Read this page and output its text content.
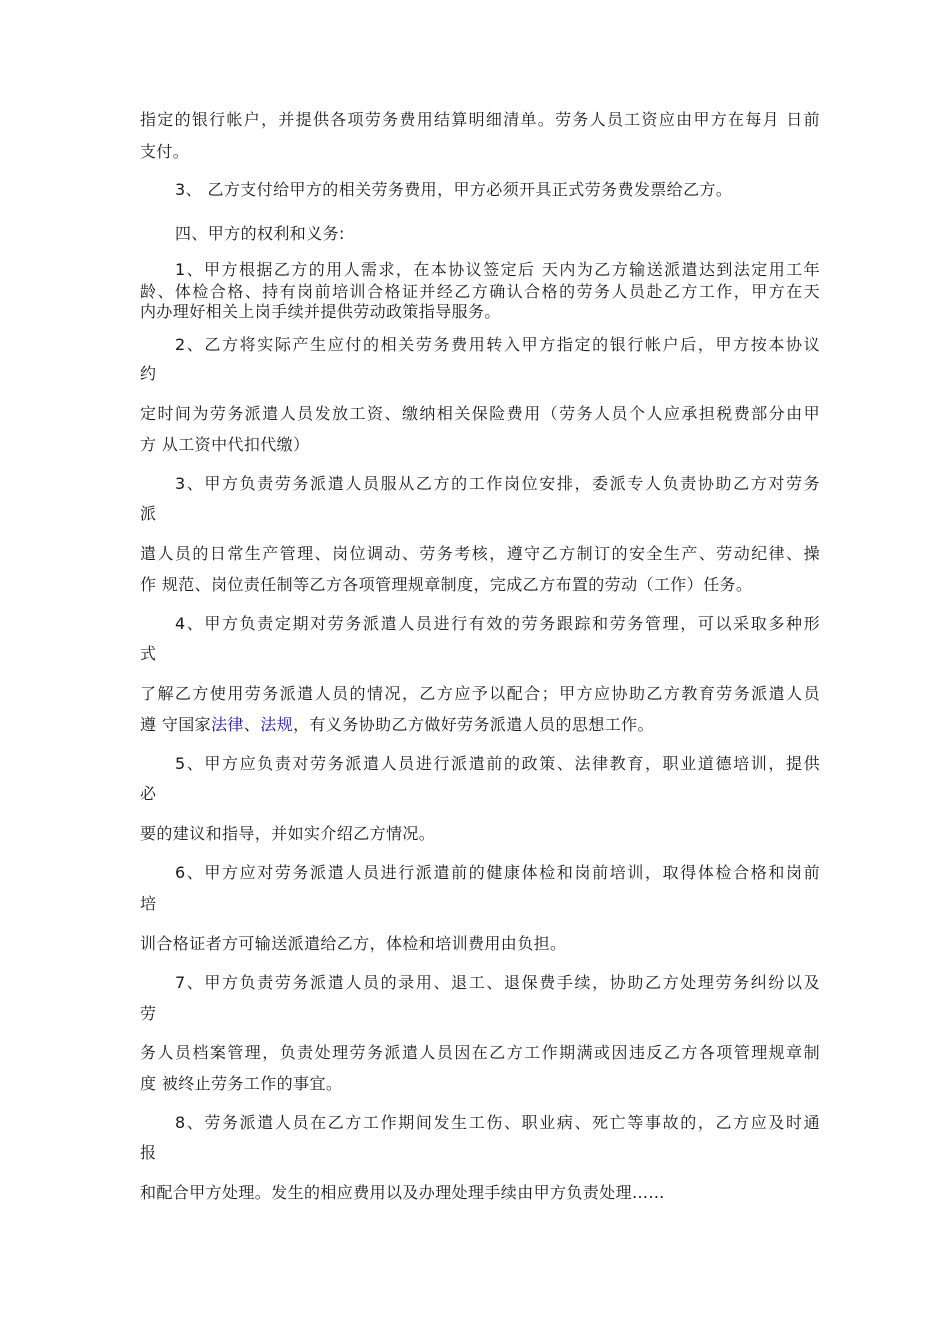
指定的银行帐户，并提供各项劳务费用结算明细清单。劳务人员工资应由甲方在每月 日前
支付。
3、 乙方支付给甲方的相关劳务费用，甲方必须开具正式劳务费发票给乙方。
四、甲方的权利和义务:
1、甲方根据乙方的用人需求，在本协议签定后 天内为乙方输送派遣达到法定用工年
龄、体检合格、持有岗前培训合格证并经乙方确认合格的劳务人员赴乙方工作，甲方在天
内办理好相关上岗手续并提供劳动政策指导服务。
2、乙方将实际产生应付的相关劳务费用转入甲方指定的银行帐户后，甲方按本协议
约
定时间为劳务派遣人员发放工资、缴纳相关保险费用（劳务人员个人应承担税费部分由甲
方 从工资中代扣代缴）
3、甲方负责劳务派遣人员服从乙方的工作岗位安排，委派专人负责协助乙方对劳务
派
遣人员的日常生产管理、岗位调动、劳务考核，遵守乙方制订的安全生产、劳动纪律、操
作 规范、岗位责任制等乙方各项管理规章制度，完成乙方布置的劳动（工作）任务。
4、甲方负责定期对劳务派遣人员进行有效的劳务跟踪和劳务管理，可以采取多种形
式
了解乙方使用劳务派遣人员的情况，乙方应予以配合；甲方应协助乙方教育劳务派遣人员
遵 守国家法律、法规，有义务协助乙方做好劳务派遣人员的思想工作。
5、甲方应负责对劳务派遣人员进行派遣前的政策、法律教育，职业道德培训，提供
必
要的建议和指导，并如实介绍乙方情况。
6、甲方应对劳务派遣人员进行派遣前的健康体检和岗前培训，取得体检合格和岗前
培
训合格证者方可输送派遣给乙方，体检和培训费用由负担。
7、甲方负责劳务派遣人员的录用、退工、退保费手续，协助乙方处理劳务纠纷以及
劳
务人员档案管理，负责处理劳务派遣人员因在乙方工作期满或因违反乙方各项管理规章制
度 被终止劳务工作的事宜。
8、劳务派遣人员在乙方工作期间发生工伤、职业病、死亡等事故的，乙方应及时通
报
和配合甲方处理。发生的相应费用以及办理处理手续由甲方负责处理……
